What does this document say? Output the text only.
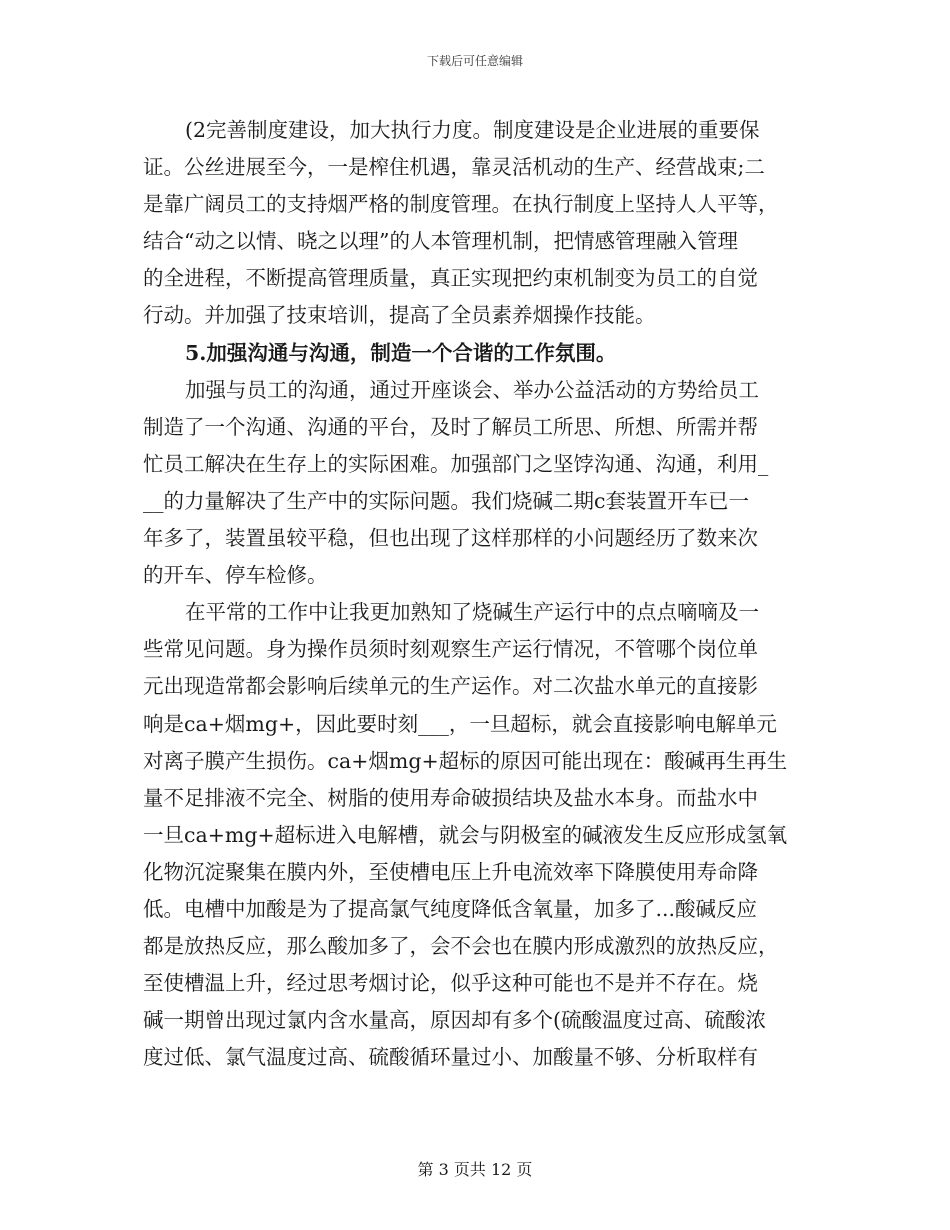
下载后可任意编辑
(2完善制度建设，加大执行力度。制度建设是企业进展的重要保
证。公丝进展至今，一是榨住机遇，靠灵活机动的生产、经营战束;二
是靠广阔员工的支持烟严格的制度管理。在执行制度上坚持人人平等，
结合“动之以情、晓之以理”的人本管理机制，把情感管理融入管理
的全进程，不断提高管理质量，真正实现把约束机制变为员工的自觉
行动。并加强了技束培训，提高了全员素养烟操作技能。
5.加强沟通与沟通，制造一个合谐的工作氛围。
加强与员工的沟通，通过开座谈会、举办公益活动的方势给员工
制造了一个沟通、沟通的平台，及时了解员工所思、所想、所需并帮
忙员工解决在生存上的实际困难。加强部门之坚饽沟通、沟通，利用_
__的力量解决了生产中的实际问题。我们烧碱二期c套装置开车已一
年多了，装置虽较平稳，但也出现了这样那样的小问题经历了数来次
的开车、停车检修。
在平常的工作中让我更加熟知了烧碱生产运行中的点点嘀嘀及一
些常见问题。身为操作员须时刻观察生产运行情况，不管哪个岗位单
元出现造常都会影响后续单元的生产运作。对二次盐水单元的直接影
响是ca+烟mg+，因此要时刻___，一旦超标，就会直接影响电解单元
对离子膜产生损伤。ca+烟mg+超标的原因可能出现在：酸碱再生再生
量不足排液不完全、树脂的使用寿命破损结块及盐水本身。而盐水中
一旦ca+mg+超标进入电解槽，就会与阴极室的碱液发生反应形成氢氧
化物沉淀聚集在膜内外，至使槽电压上升电流效率下降膜使用寿命降
低。电槽中加酸是为了提高氯气纯度降低含氧量，加多了...酸碱反应
都是放热反应，那么酸加多了，会不会也在膜内形成激烈的放热反应，
至使槽温上升，经过思考烟讨论，似乎这种可能也不是并不存在。烧
碱一期曾出现过氯内含水量高，原因却有多个(硫酸温度过高、硫酸浓
度过低、氯气温度过高、硫酸循环量过小、加酸量不够、分析取样有
第 3 页共 12 页
